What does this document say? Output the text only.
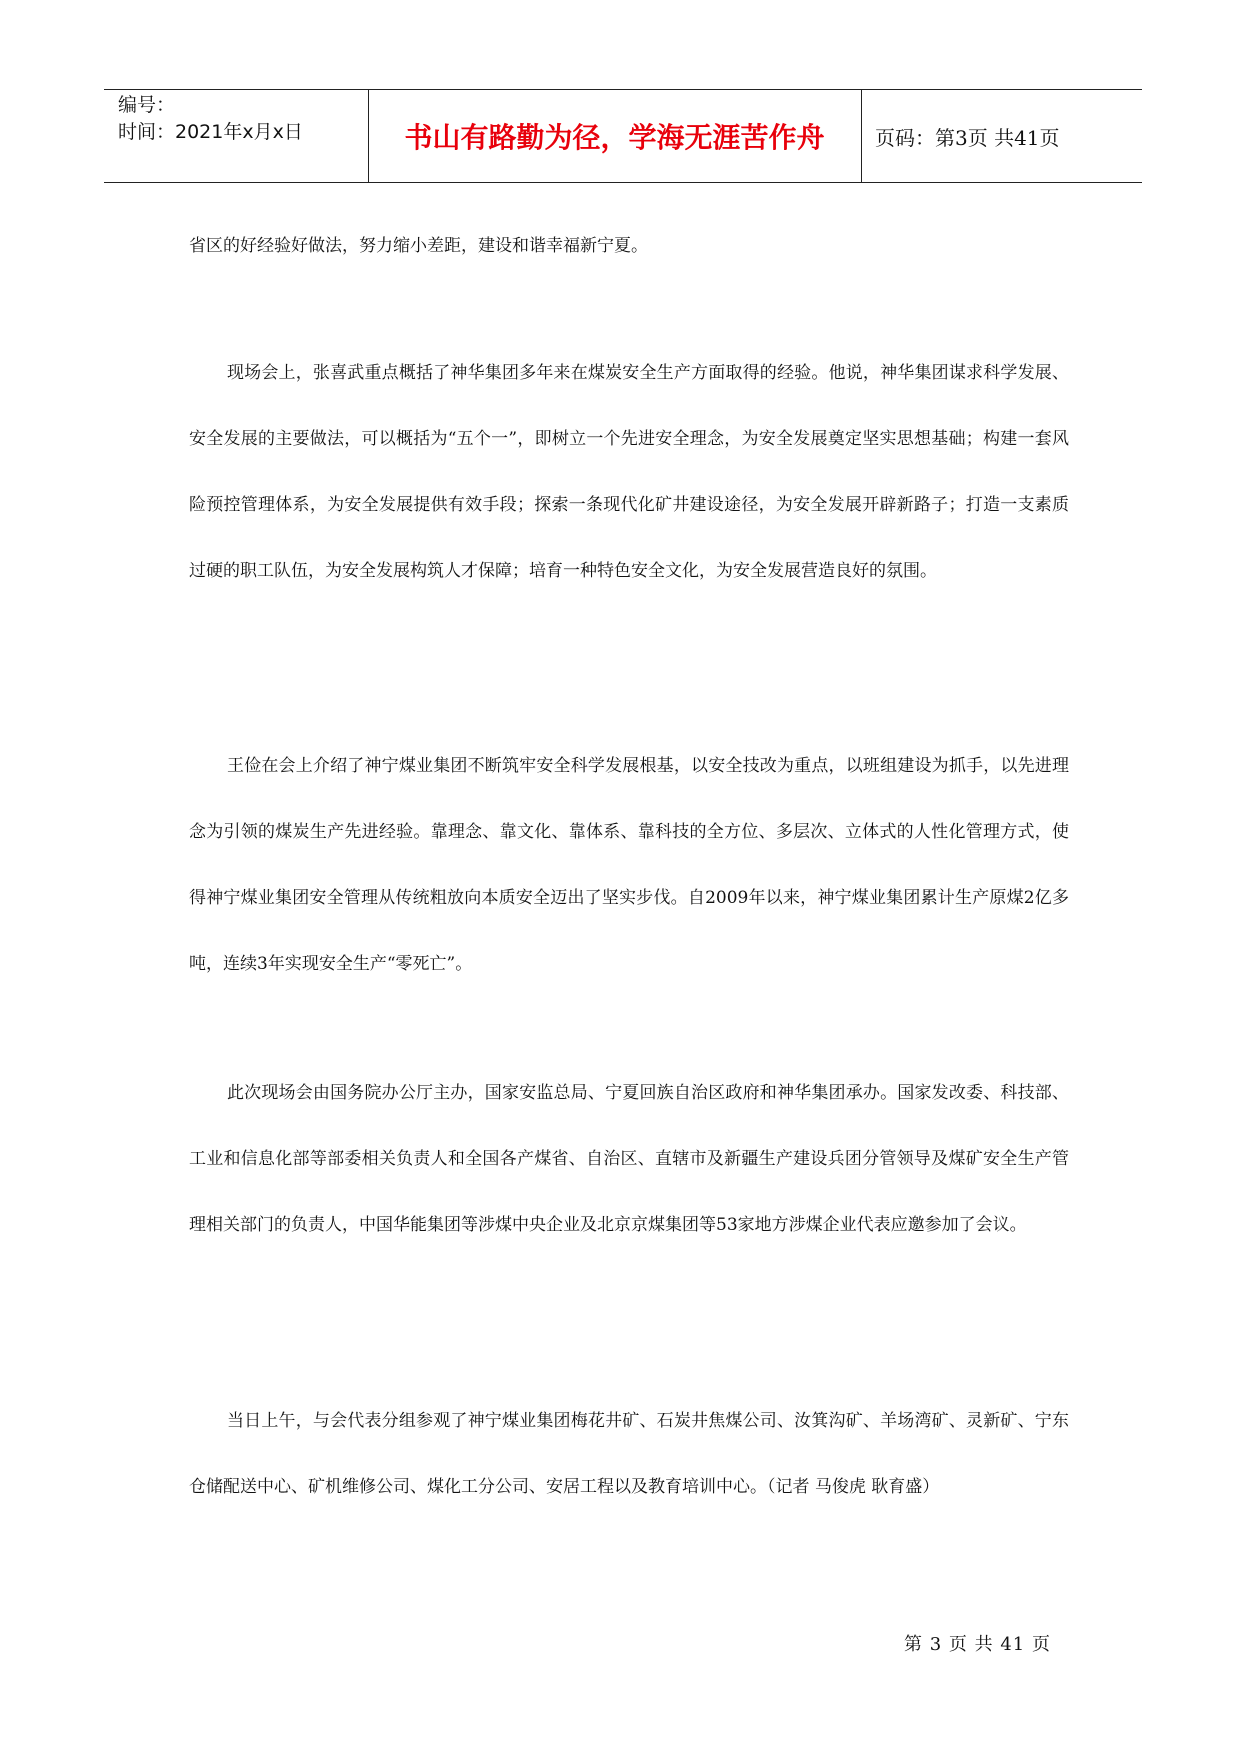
编号：
时间：2021年x月x日	书山有路勤为径，学海无涯苦作舟	页码：第3页 共41页

省区的好经验好做法，努力缩小差距，建设和谐幸福新宁夏。

现场会上，张喜武重点概括了神华集团多年来在煤炭安全生产方面取得的经验。他说，神华集团谋求科学发展、安全发展的主要做法，可以概括为“五个一”，即树立一个先进安全理念，为安全发展奠定坚实思想基础；构建一套风险预控管理体系，为安全发展提供有效手段；探索一条现代化矿井建设途径，为安全发展开辟新路子；打造一支素质过硬的职工队伍，为安全发展构筑人才保障；培育一种特色安全文化，为安全发展营造良好的氛围。

王俭在会上介绍了神宁煤业集团不断筑牢安全科学发展根基，以安全技改为重点，以班组建设为抓手，以先进理念为引领的煤炭生产先进经验。靠理念、靠文化、靠体系、靠科技的全方位、多层次、立体式的人性化管理方式，使得神宁煤业集团安全管理从传统粗放向本质安全迈出了坚实步伐。自2009年以来，神宁煤业集团累计生产原煤2亿多吨，连续3年实现安全生产“零死亡”。

此次现场会由国务院办公厅主办，国家安监总局、宁夏回族自治区政府和神华集团承办。国家发改委、科技部、工业和信息化部等部委相关负责人和全国各产煤省、自治区、直辖市及新疆生产建设兵团分管领导及煤矿安全生产管理相关部门的负责人，中国华能集团等涉煤中央企业及北京京煤集团等53家地方涉煤企业代表应邀参加了会议。

当日上午，与会代表分组参观了神宁煤业集团梅花井矿、石炭井焦煤公司、汝箕沟矿、羊场湾矿、灵新矿、宁东仓储配送中心、矿机维修公司、煤化工分公司、安居工程以及教育培训中心。（记者 马俊虎 耿育盛）

第 3 页 共 41 页
